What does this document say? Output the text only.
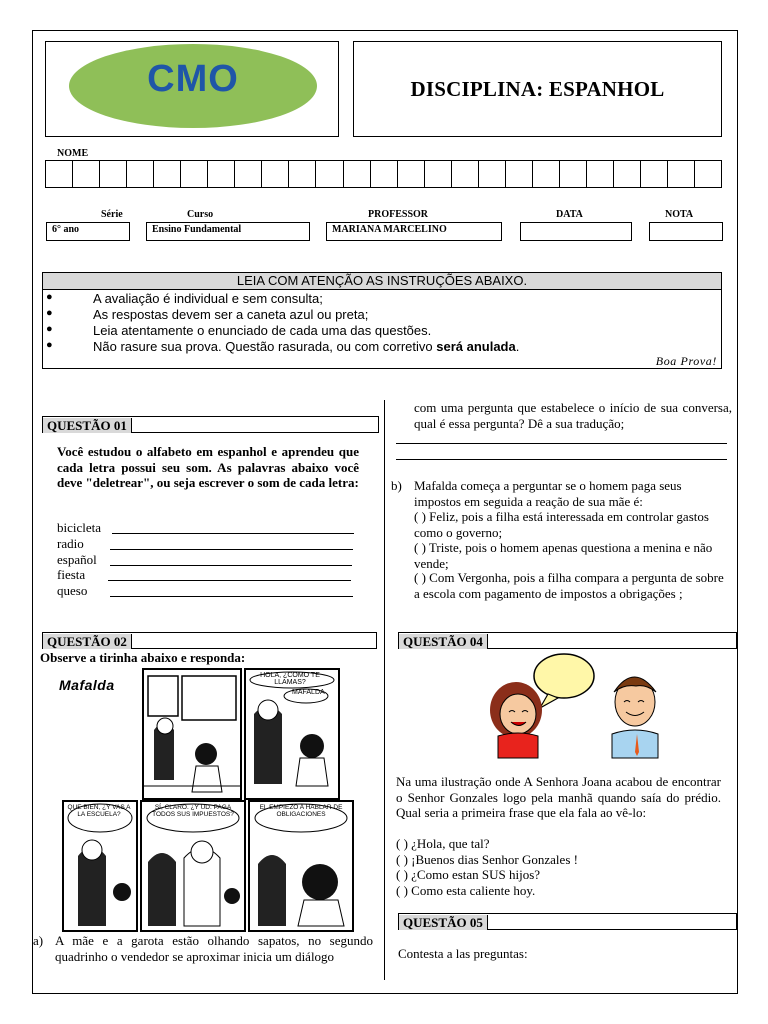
CMO	DISCIPLINA: ESPANHOL
NOME
Série	Curso	PROFESSOR	DATA	NOTA
6° ano	Ensino Fundamental	MARIANA MARCELINO
LEIA COM ATENÇÃO AS INSTRUÇÕES ABAIXO.
●	A avaliação é individual e sem consulta;
●	As respostas devem ser a caneta azul ou preta;
●	Leia atentamente o enunciado de cada uma das questões.
●	Não rasure sua prova. Questão rasurada, ou com corretivo será anulada.
Boa Prova!
QUESTÃO 01
Você estudou o alfabeto em espanhol e aprendeu que cada letra possui seu som. As palavras abaixo você deve "deletrear", ou seja escrever o som de cada letra:
bicicleta
radio
español
fiesta
queso
QUESTÃO 02
Observe a tirinha abaixo e responda:
Mafalda
HOLA, ¿COMO TE LLAMAS?
MAFALDA
QUE BIEN, ¿Y VAS A LA ESCUELA?
SÍ, CLARO. ¿Y UD. PAGA TODOS SUS IMPUESTOS?
EL EMPIEZO A HABLAR DE OBLIGACIONES
a) A mãe e a garota estão olhando sapatos, no segundo quadrinho o vendedor se aproximar inicia um diálogo
com uma pergunta que estabelece o início de sua conversa, qual é essa pergunta? Dê a sua tradução;
b) Mafalda começa a perguntar se o homem paga seus impostos em seguida a reação de sua mãe é:
( ) Feliz, pois a filha está interessada em controlar gastos como o governo;
( ) Triste, pois o homem apenas questiona a menina e não vende;
( ) Com Vergonha, pois a filha compara a pergunta de sobre a escola com pagamento de impostos a obrigações ;
QUESTÃO 04
Na uma ilustração onde A Senhora Joana acabou de encontrar o Senhor Gonzales logo pela manhã quando saía do prédio. Qual seria a primeira frase que ela fala ao vê-lo:
( ) ¿Hola, que tal?
( ) ¡Buenos dias Senhor Gonzales !
( ) ¿Como estan SUS hijos?
( ) Como esta caliente hoy.
QUESTÃO 05
Contesta a las preguntas:
